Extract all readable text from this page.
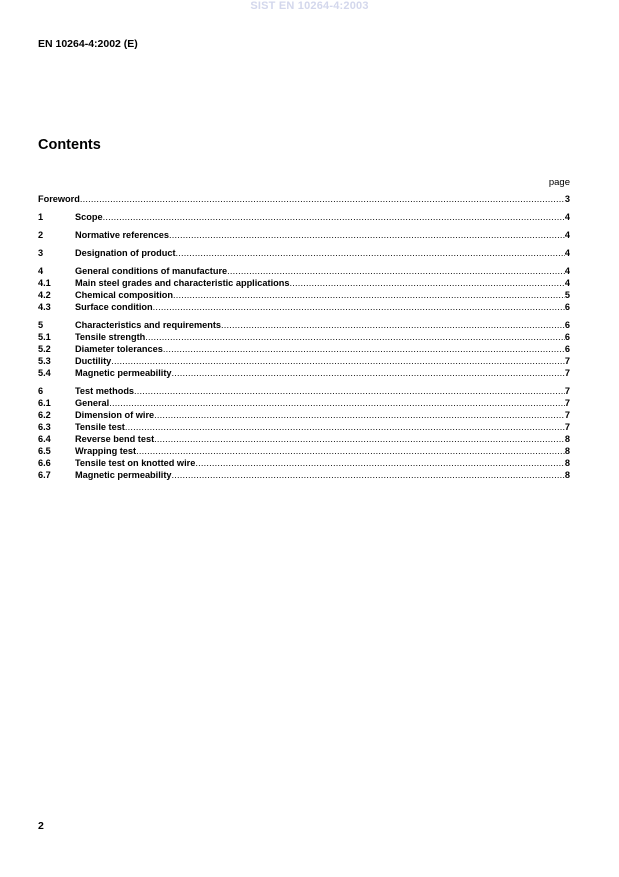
SIST EN 10264-4:2003
EN 10264-4:2002 (E)
Contents
page
Foreword .....	3
1	Scope .....	4
2	Normative references .....	4
3	Designation of product .....	4
4	General conditions of manufacture .....	4
4.1	Main steel grades and characteristic applications .....	4
4.2	Chemical composition .....	5
4.3	Surface condition .....	6
5	Characteristics and requirements .....	6
5.1	Tensile strength .....	6
5.2	Diameter tolerances .....	6
5.3	Ductility .....	7
5.4	Magnetic permeability .....	7
6	Test methods .....	7
6.1	General .....	7
6.2	Dimension of wire .....	7
6.3	Tensile test .....	7
6.4	Reverse bend test .....	8
6.5	Wrapping test .....	8
6.6	Tensile test on knotted wire .....	8
6.7	Magnetic permeability .....	8
2
